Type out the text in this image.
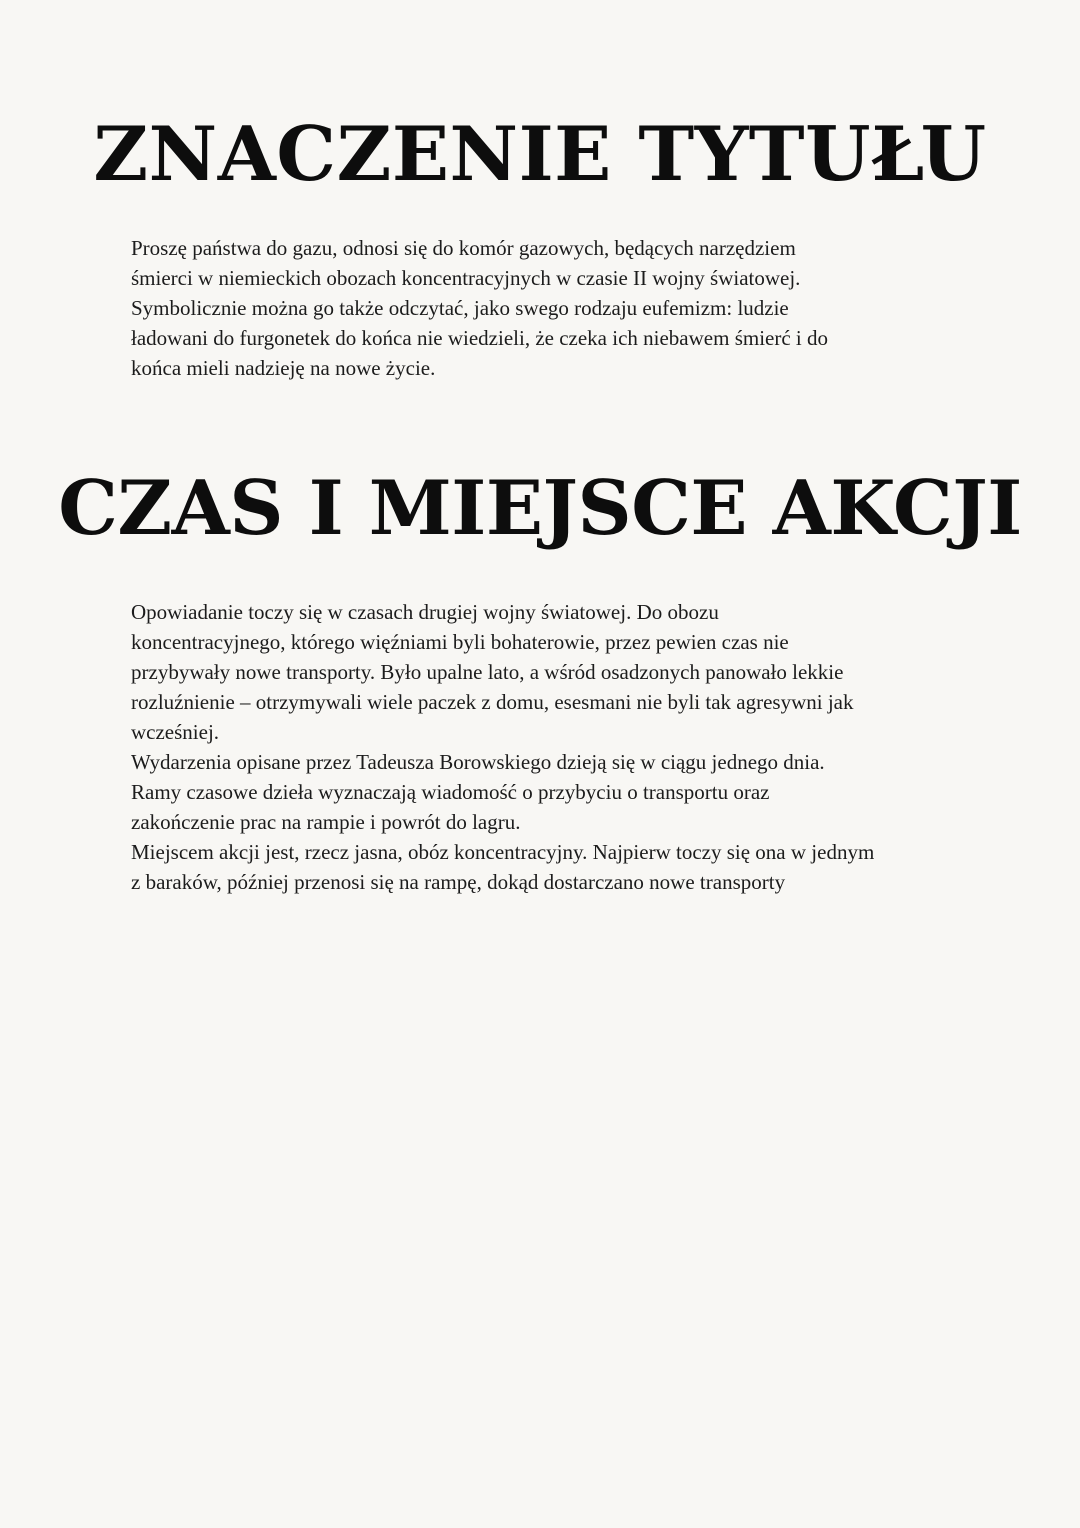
ZNACZENIE TYTUŁU
Proszę państwa do gazu, odnosi się do komór gazowych, będących narzędziem
śmierci w niemieckich obozach koncentracyjnych w czasie II wojny światowej.
Symbolicznie można go także odczytać, jako swego rodzaju eufemizm: ludzie
ładowani do furgonetek do końca nie wiedzieli, że czeka ich niebawem śmierć i do
końca mieli nadzieję na nowe życie.
CZAS I MIEJSCE AKCJI
Opowiadanie toczy się w czasach drugiej wojny światowej. Do obozu
koncentracyjnego, którego więźniami byli bohaterowie, przez pewien czas nie
przybywały nowe transporty. Było upalne lato, a wśród osadzonych panowało lekkie
rozluźnienie – otrzymywali wiele paczek z domu, esesmani nie byli tak agresywni jak
wcześniej.
Wydarzenia opisane przez Tadeusza Borowskiego dzieją się w ciągu jednego dnia.
Ramy czasowe dzieła wyznaczają wiadomość o przybyciu o transportu oraz
zakończenie prac na rampie i powrót do lagru.
Miejscem akcji jest, rzecz jasna, obóz koncentracyjny. Najpierw toczy się ona w jednym
z baraków, później przenosi się na rampę, dokąd dostarczano nowe transporty
